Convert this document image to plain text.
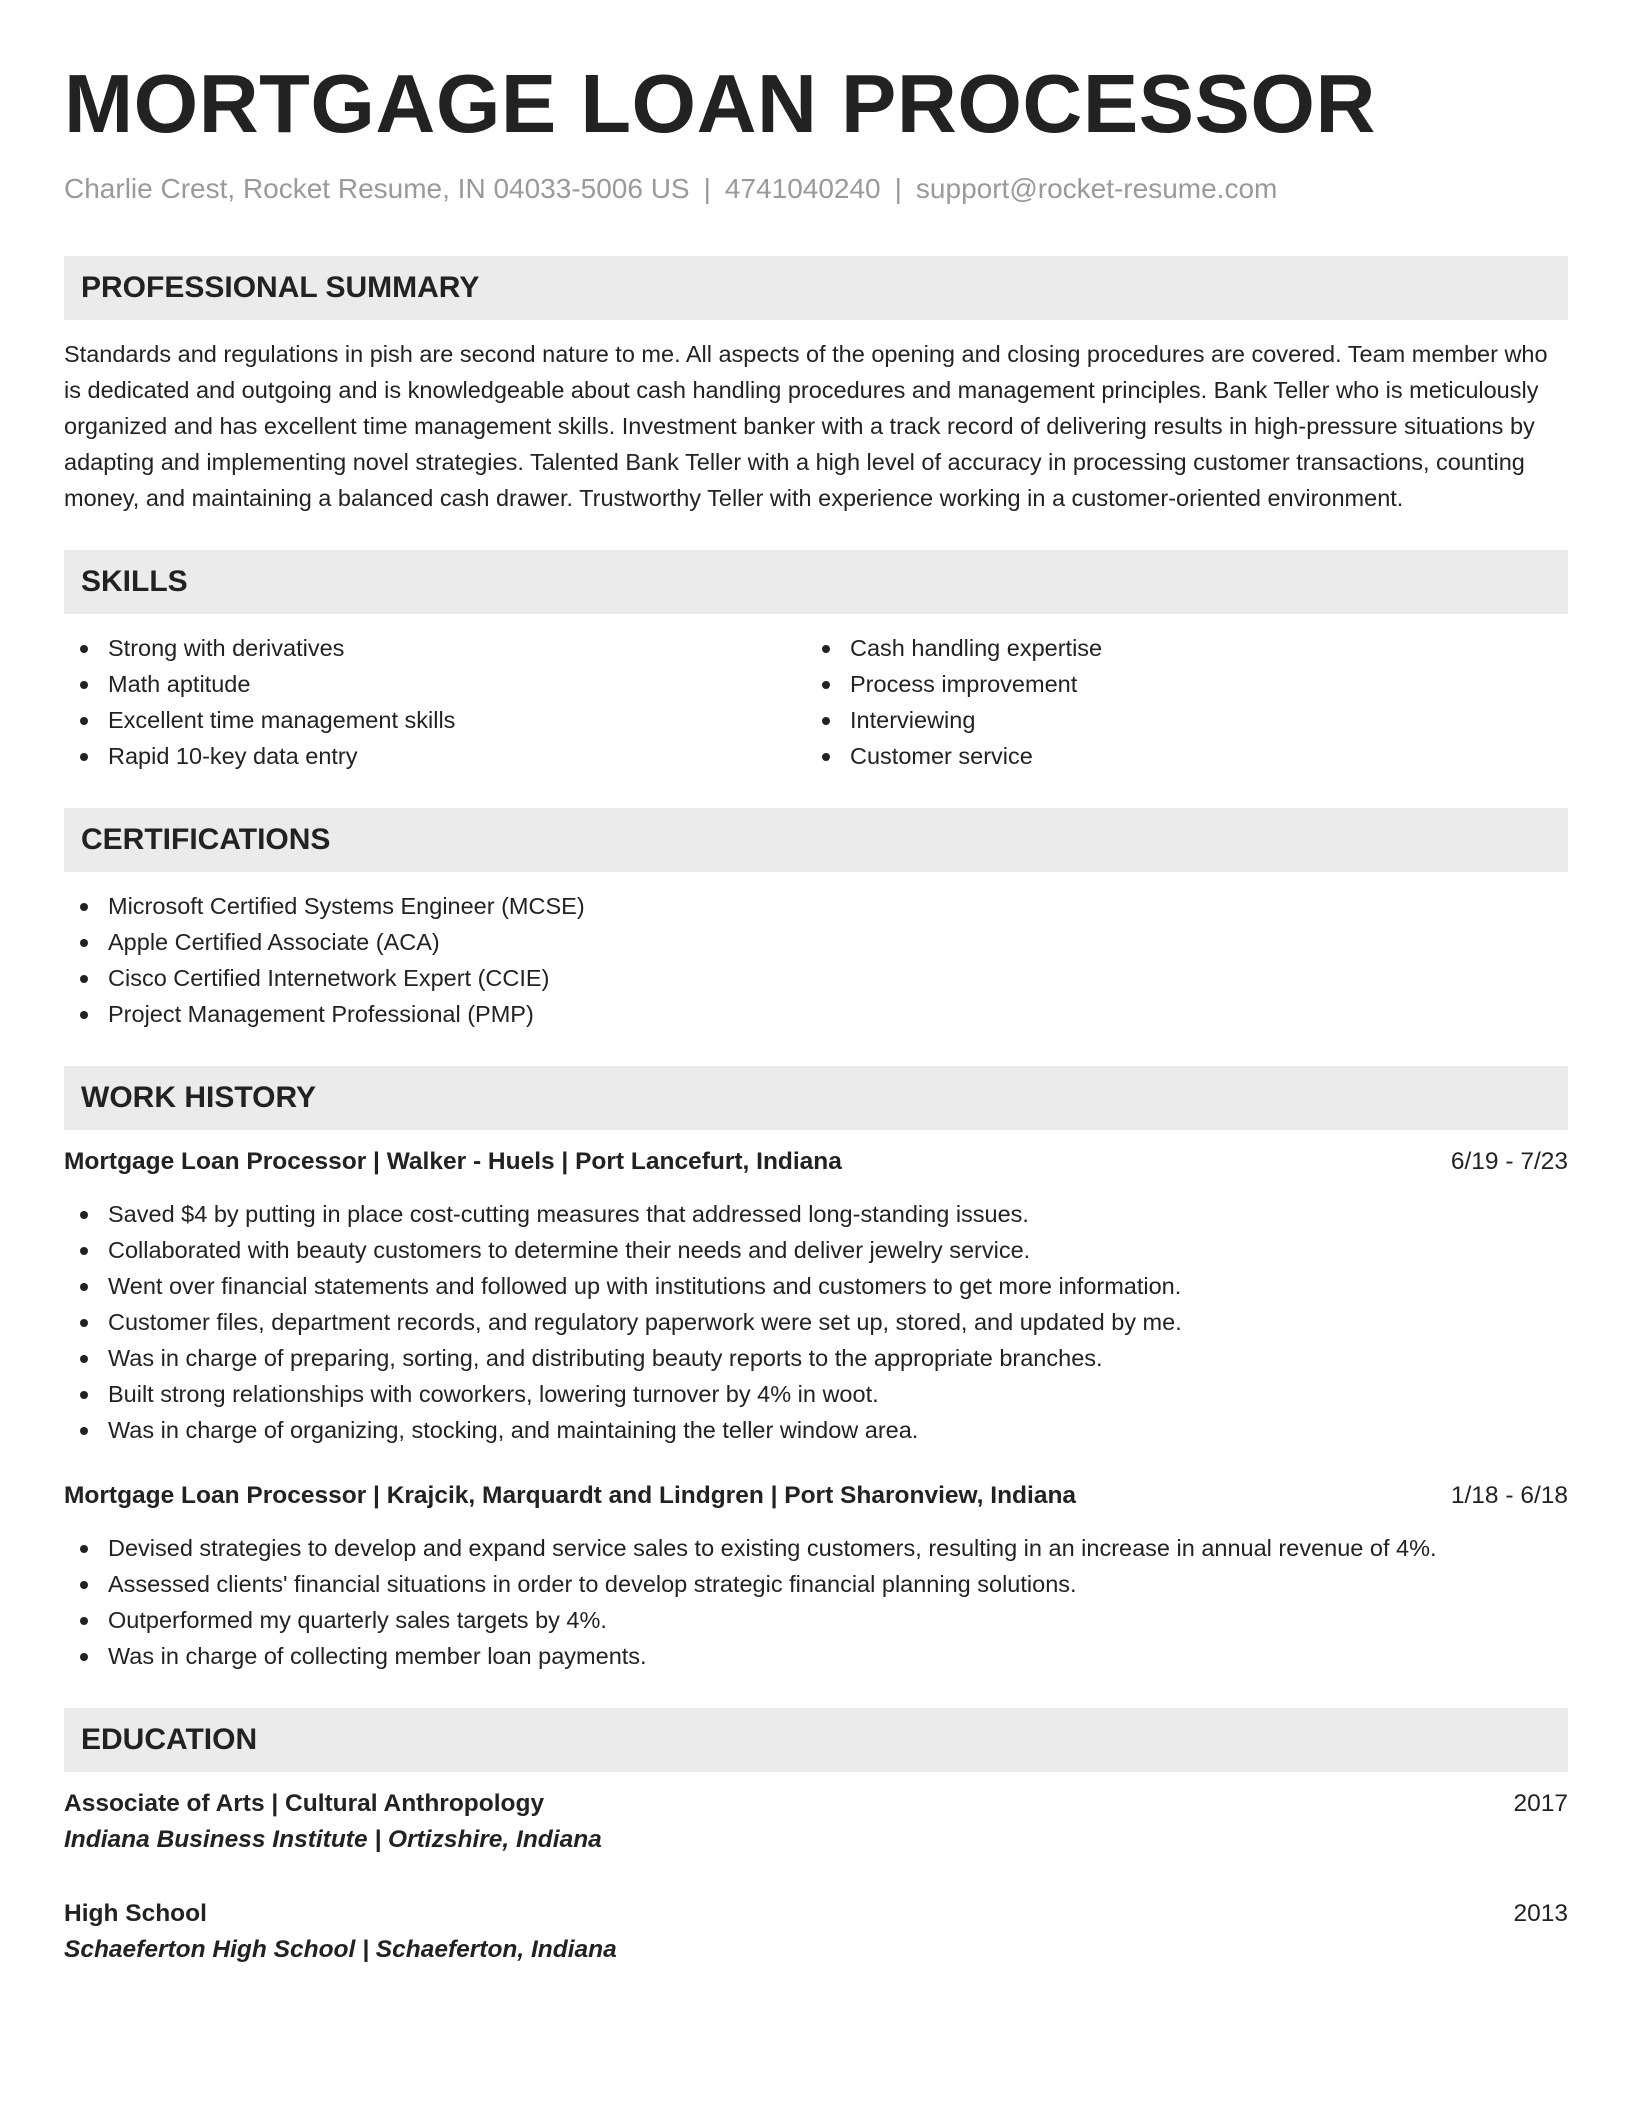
MORTGAGE LOAN PROCESSOR
Charlie Crest, Rocket Resume, IN 04033-5006 US | 4741040240 | support@rocket-resume.com
PROFESSIONAL SUMMARY

Standards and regulations in pish are second nature to me. All aspects of the opening and closing procedures are covered. Team member who is dedicated and outgoing and is knowledgeable about cash handling procedures and management principles. Bank Teller who is meticulously organized and has excellent time management skills. Investment banker with a track record of delivering results in high-pressure situations by adapting and implementing novel strategies. Talented Bank Teller with a high level of accuracy in processing customer transactions, counting money, and maintaining a balanced cash drawer. Trustworthy Teller with experience working in a customer-oriented environment.

SKILLS
Strong with derivatives
Math aptitude
Excellent time management skills
Rapid 10-key data entry
Cash handling expertise
Process improvement
Interviewing
Customer service
CERTIFICATIONS
Microsoft Certified Systems Engineer (MCSE)
Apple Certified Associate (ACA)
Cisco Certified Internetwork Expert (CCIE)
Project Management Professional (PMP)
WORK HISTORY
Mortgage Loan Processor | Walker - Huels | Port Lancefurt, Indiana	6/19 - 7/23
Saved $4 by putting in place cost-cutting measures that addressed long-standing issues.
Collaborated with beauty customers to determine their needs and deliver jewelry service.
Went over financial statements and followed up with institutions and customers to get more information.
Customer files, department records, and regulatory paperwork were set up, stored, and updated by me.
Was in charge of preparing, sorting, and distributing beauty reports to the appropriate branches.
Built strong relationships with coworkers, lowering turnover by 4% in woot.
Was in charge of organizing, stocking, and maintaining the teller window area.
Mortgage Loan Processor | Krajcik, Marquardt and Lindgren | Port Sharonview, Indiana	1/18 - 6/18
Devised strategies to develop and expand service sales to existing customers, resulting in an increase in annual revenue of 4%.
Assessed clients' financial situations in order to develop strategic financial planning solutions.
Outperformed my quarterly sales targets by 4%.
Was in charge of collecting member loan payments.
EDUCATION
Associate of Arts | Cultural Anthropology	2017
Indiana Business Institute | Ortizshire, Indiana
High School	2013
Schaeferton High School | Schaeferton, Indiana
